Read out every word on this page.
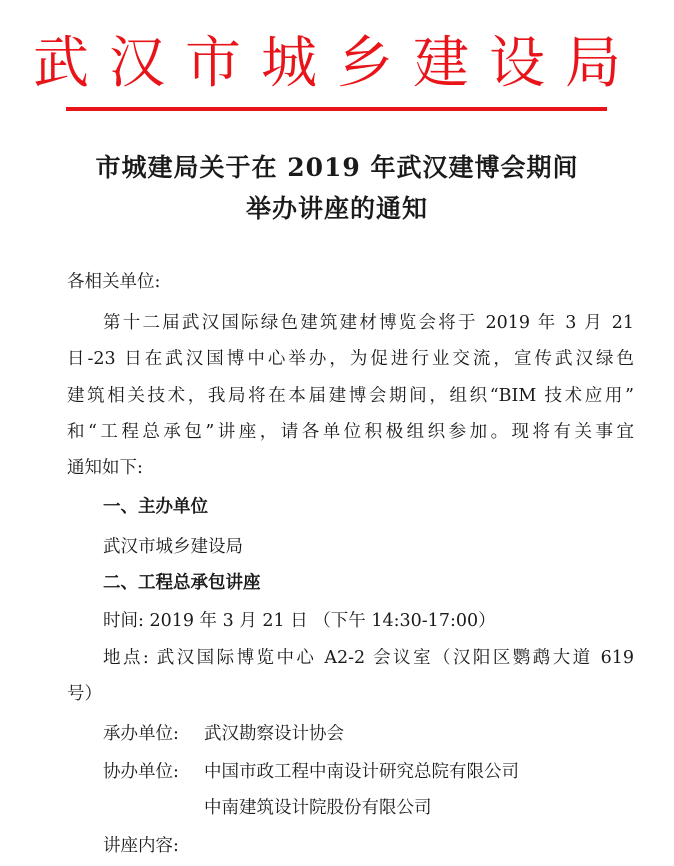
武汉市城乡建设局
市城建局关于在 2019 年武汉建博会期间
举办讲座的通知
各相关单位:
第十二届武汉国际绿色建筑建材博览会将于 2019 年 3 月 21
日-23 日在武汉国博中心举办，为促进行业交流，宣传武汉绿色
建筑相关技术，我局将在本届建博会期间，组织“BIM 技术应用”
和“工程总承包”讲座，请各单位积极组织参加。现将有关事宜
通知如下:
一、主办单位
武汉市城乡建设局
二、工程总承包讲座
时间: 2019 年 3 月 21 日 （下午 14:30-17:00）
地点: 武汉国际博览中心 A2-2 会议室（汉阳区鹦鹉大道 619
号）
承办单位: 武汉勘察设计协会
协办单位: 中国市政工程中南设计研究总院有限公司
中南建筑设计院股份有限公司
讲座内容:
